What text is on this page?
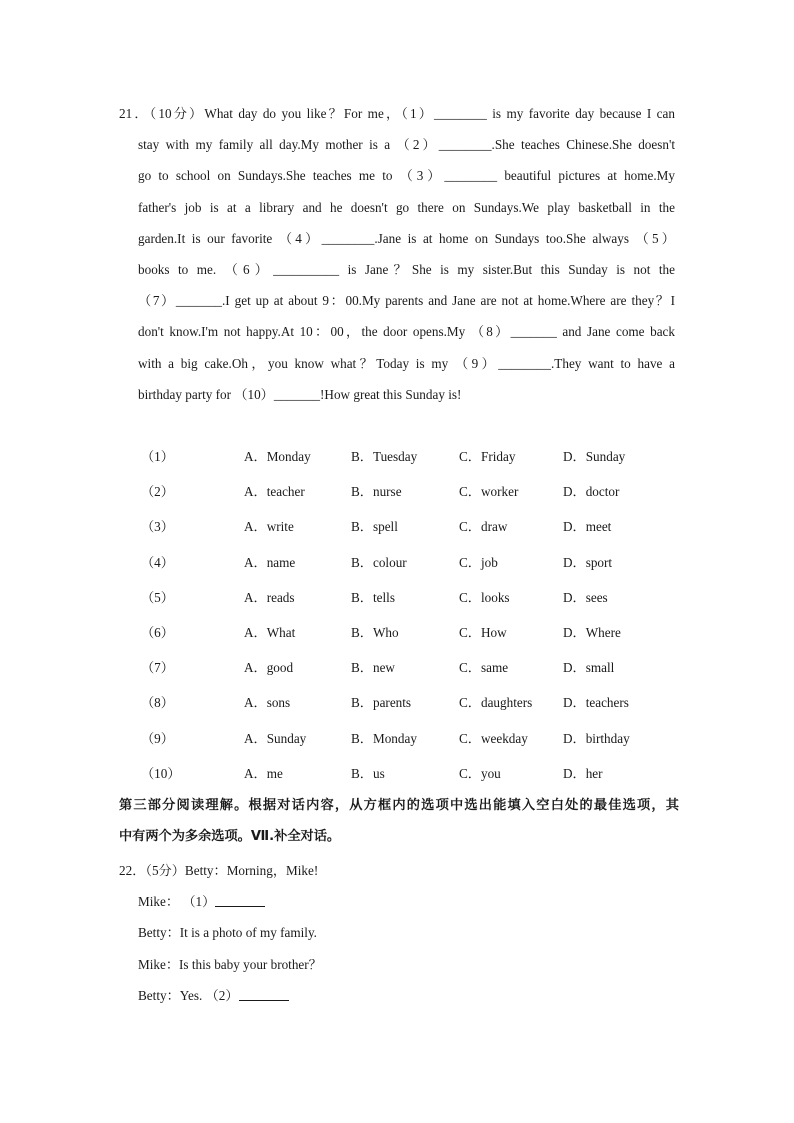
21．（10分）What day do you like？For me，（1）________ is my favorite day because I can
stay with my family all day.My mother is a （2）________.She teaches Chinese.She doesn't
go to school on Sundays.She teaches me to （3）________ beautiful pictures at home.My
father's job is at a library and he doesn't go there on Sundays.We play basketball in the
garden.It is our favorite （4）________.Jane is at home on Sundays too.She always （5）
books to me. （6）__________ is Jane？She is my sister.But this Sunday is not the
（7）_______.I get up at about 9：00.My parents and Jane are not at home.Where are they？I
don't know.I'm not happy.At 10：00，the door opens.My （8）_______ and Jane come back
with a big cake.Oh，you know what？Today is my （9）________.They want to have a
birthday party for （10）_______!How great this Sunday is!
（1）	A．Monday	B．Tuesday	C．Friday	D．Sunday
（2）	A．teacher	B．nurse	C．worker	D．doctor
（3）	A．write	B．spell	C．draw	D．meet
（4）	A．name	B．colour	C．job	D．sport
（5）	A．reads	B．tells	C．looks	D．sees
（6）	A．What	B．Who	C．How	D．Where
（7）	A．good	B．new	C．same	D．small
（8）	A．sons	B．parents	C．daughters D．teachers
（9）	A．Sunday	B．Monday	C．weekday	D．birthday
（10）	A．me	B．us	C．you	D．her
第三部分阅读理解。根据对话内容，从方框内的选项中选出能填入空白处的最佳选项，其
中有两个为多余选项。Ⅶ.补全对话。
22．（5分）Betty：Morning，Mike!
Mike： （1）
Betty：It is a photo of my family.
Mike：Is this baby your brother？
Betty：Yes. （2）
